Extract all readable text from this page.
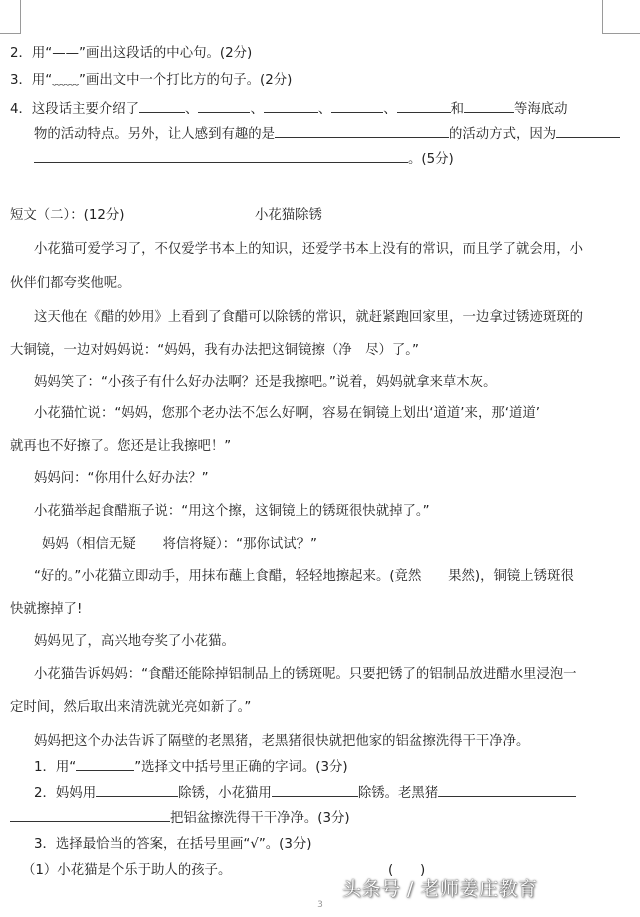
2．用“——”画出这段话的中心句。(2分)
3．用“﹏﹏”画出文中一个打比方的句子。(2分)
4．这段话主要介绍了	、	、	、	、	和	等海底动
物的活动特点。另外，让人感到有趣的是	的活动方式，因为
。(5分)
短文（二）：(12分)	小花猫除锈
小花猫可爱学习了，不仅爱学书本上的知识，还爱学书本上没有的常识，而且学了就会用，小
伙伴们都夸奖他呢。
这天他在《醋的妙用》上看到了食醋可以除锈的常识，就赶紧跑回家里，一边拿过锈迹斑斑的
大铜镜，一边对妈妈说：“妈妈，我有办法把这铜镜擦（净　尽）了。”
妈妈笑了：“小孩子有什么好办法啊？还是我擦吧。”说着，妈妈就拿来草木灰。
小花猫忙说：“妈妈，您那个老办法不怎么好啊，容易在铜镜上划出‘道道’来，那‘道道’
就再也不好擦了。您还是让我擦吧！”
妈妈问：“你用什么好办法？”
小花猫举起食醋瓶子说：“用这个擦，这铜镜上的锈斑很快就掉了。”
妈妈（相信无疑　　将信将疑）：“那你试试？”
“好的。”小花猫立即动手，用抹布蘸上食醋，轻轻地擦起来。(竟然　　果然)，铜镜上锈斑很
快就擦掉了!
妈妈见了，高兴地夸奖了小花猫。
小花猫告诉妈妈：“食醋还能除掉铝制品上的锈斑呢。只要把锈了的铝制品放进醋水里浸泡一
定时间，然后取出来清洗就光亮如新了。”
妈妈把这个办法告诉了隔壁的老黑猪，老黑猪很快就把他家的铝盆擦洗得干干净净。
1．用“	”选择文中括号里正确的字词。(3分)
2．妈妈用	除锈，小花猫用	除锈。老黑猪
把铝盆擦洗得干干净净。(3分)
3．选择最恰当的答案，在括号里画“√”。(3分)
（1）小花猫是个乐于助人的孩子。	(　　)
3
头条号 / 老师姜庄教育
